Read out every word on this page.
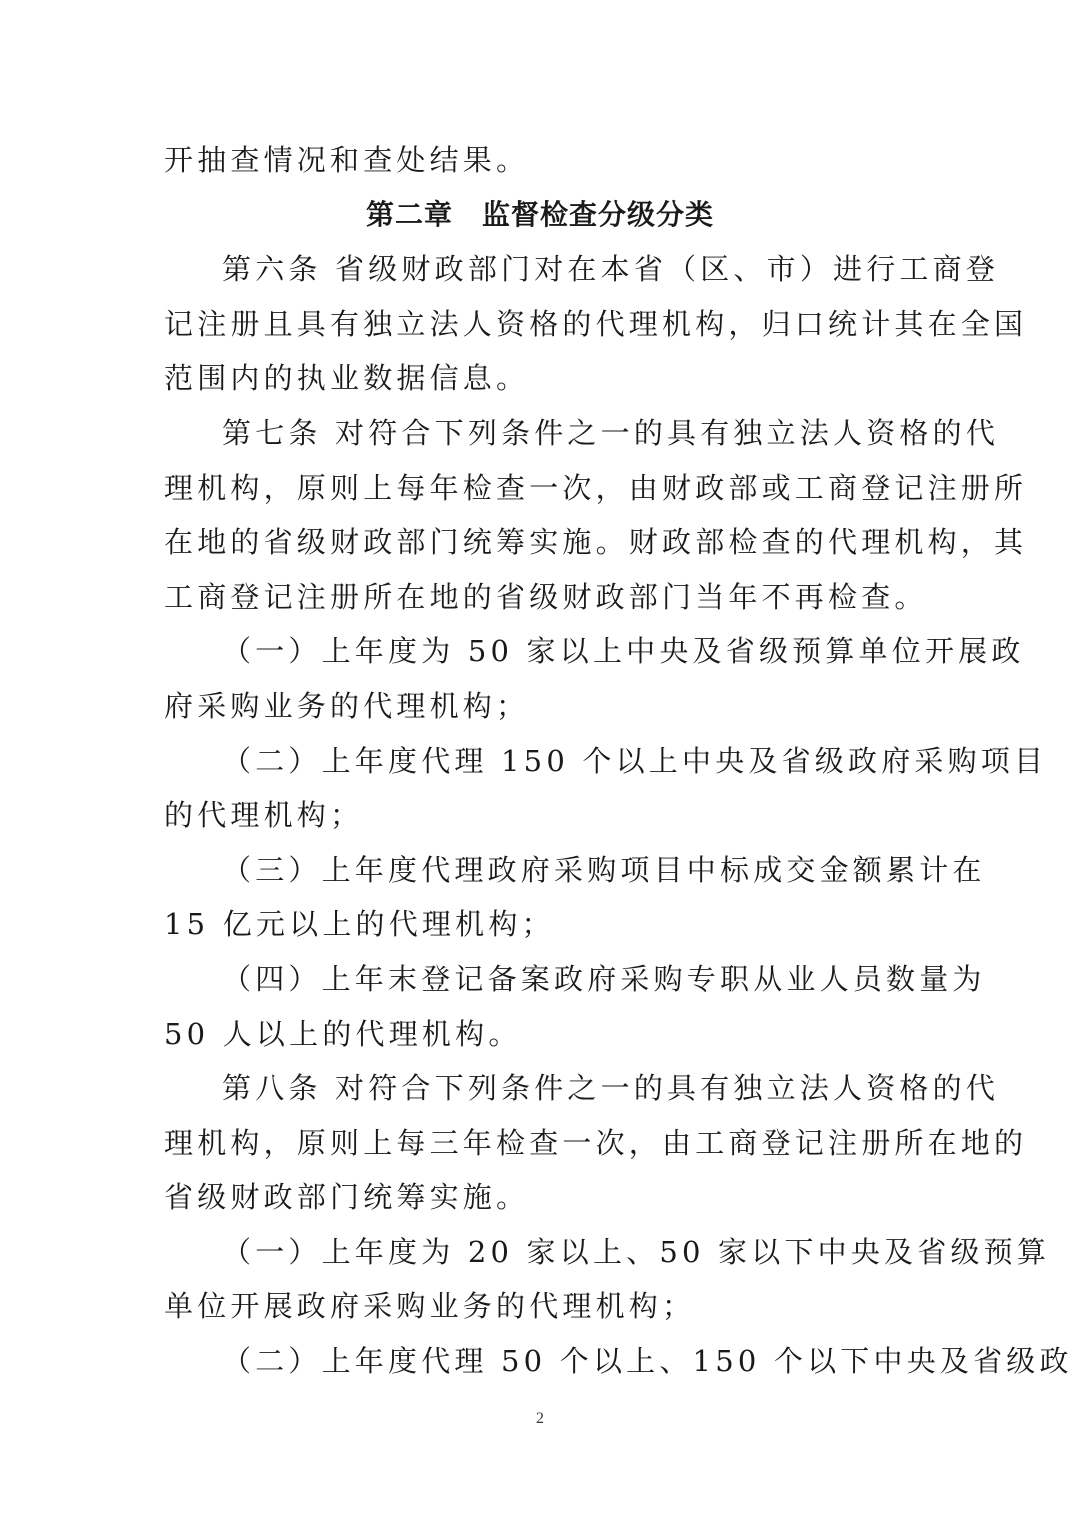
开抽查情况和查处结果。
第二章　监督检查分级分类
第六条 省级财政部门对在本省（区、市）进行工商登
记注册且具有独立法人资格的代理机构，归口统计其在全国
范围内的执业数据信息。
第七条 对符合下列条件之一的具有独立法人资格的代
理机构，原则上每年检查一次，由财政部或工商登记注册所
在地的省级财政部门统筹实施。财政部检查的代理机构，其
工商登记注册所在地的省级财政部门当年不再检查。
（一）上年度为 50 家以上中央及省级预算单位开展政
府采购业务的代理机构；
（二）上年度代理 150 个以上中央及省级政府采购项目
的代理机构；
（三）上年度代理政府采购项目中标成交金额累计在
15 亿元以上的代理机构；
（四）上年末登记备案政府采购专职从业人员数量为
50 人以上的代理机构。
第八条 对符合下列条件之一的具有独立法人资格的代
理机构，原则上每三年检查一次，由工商登记注册所在地的
省级财政部门统筹实施。
（一）上年度为 20 家以上、50 家以下中央及省级预算
单位开展政府采购业务的代理机构；
（二）上年度代理 50 个以上、150 个以下中央及省级政
2
